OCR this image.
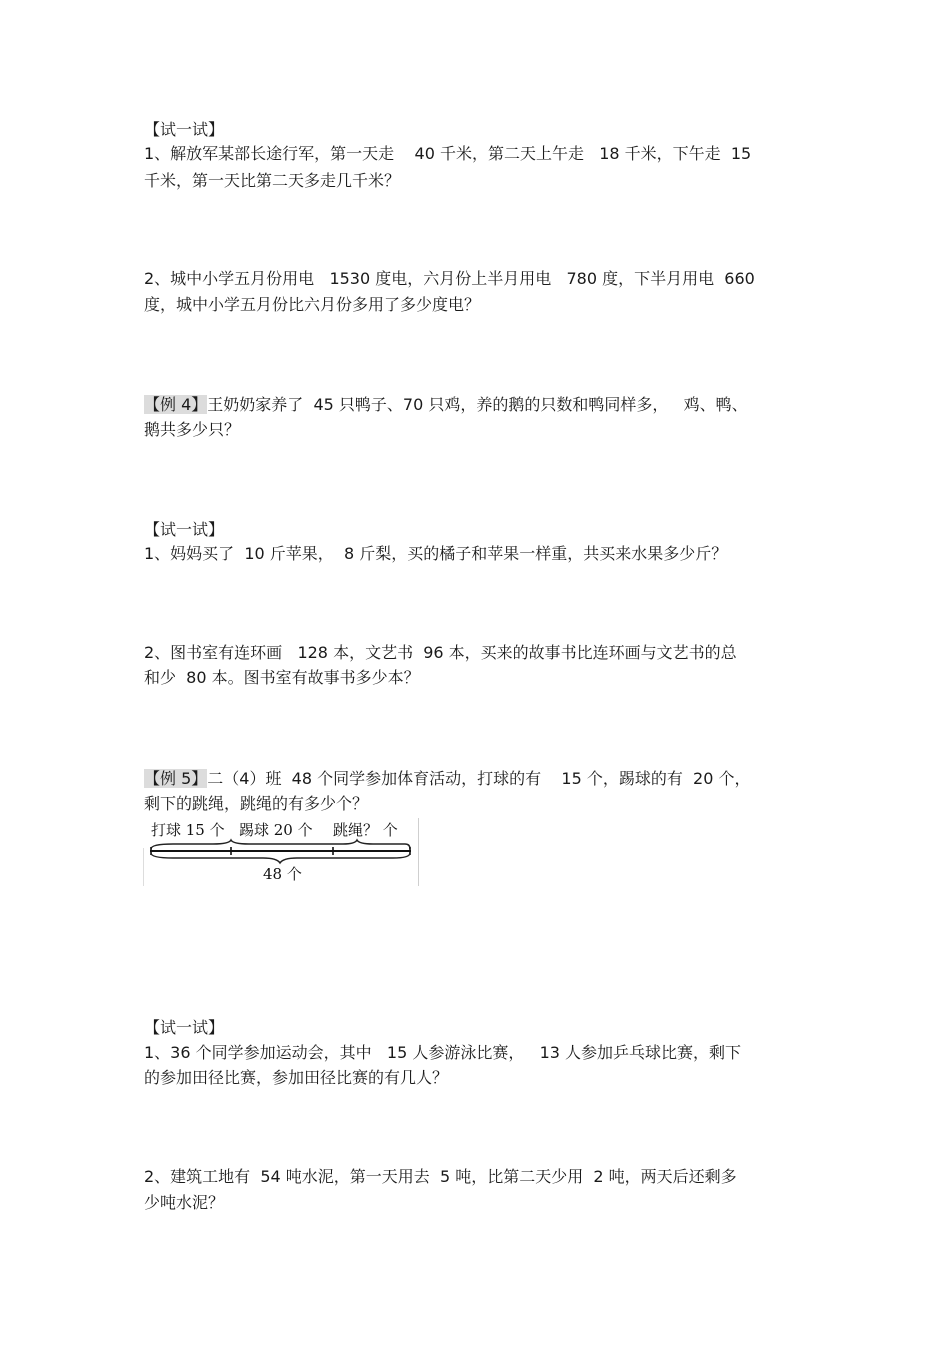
【试一试】
1、解放军某部长途行军，第一天走    40 千米，第二天上午走   18 千米，下午走  15
千米，第一天比第二天多走几千米？
2、城中小学五月份用电   1530 度电，六月份上半月用电   780 度，下半月用电  660
度，城中小学五月份比六月份多用了多少度电？
【例 4】王奶奶家养了  45 只鸭子、70 只鸡，养的鹅的只数和鸭同样多，   鸡、鸭、
鹅共多少只？
【试一试】
1、妈妈买了  10 斤苹果，  8 斤梨，买的橘子和苹果一样重，共买来水果多少斤？
2、图书室有连环画   128 本，文艺书  96 本，买来的故事书比连环画与文艺书的总
和少  80 本。图书室有故事书多少本？
【例 5】二（4）班  48 个同学参加体育活动，打球的有    15 个，踢球的有  20 个，
剩下的跳绳，跳绳的有多少个？
打球 15 个 踢球 20 个 跳绳？ 个
48 个
【试一试】
1、36 个同学参加运动会，其中   15 人参游泳比赛，   13 人参加乒乓球比赛，剩下
的参加田径比赛，参加田径比赛的有几人？
2、建筑工地有  54 吨水泥，第一天用去  5 吨，比第二天少用  2 吨，两天后还剩多
少吨水泥？
